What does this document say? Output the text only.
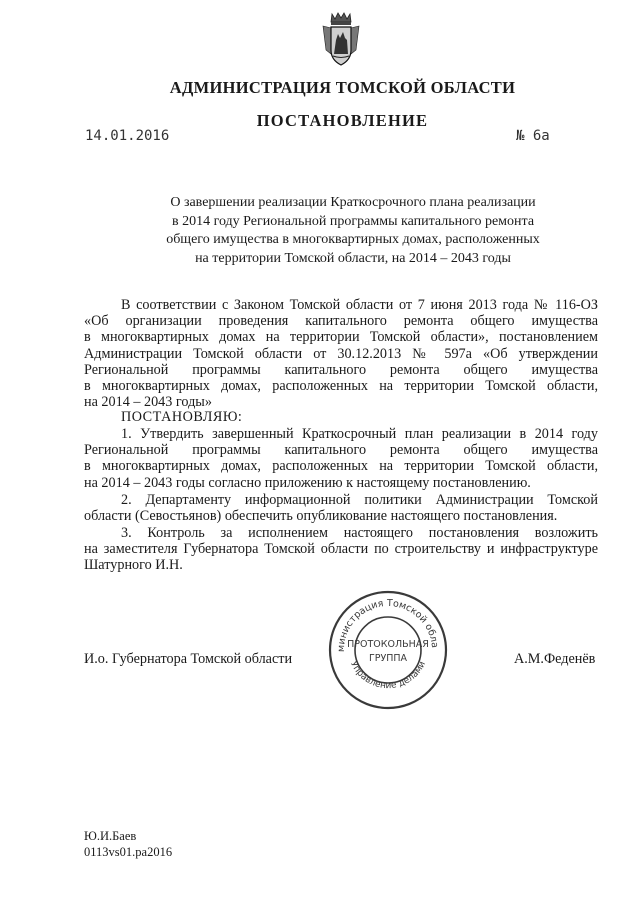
АДМИНИСТРАЦИЯ ТОМСКОЙ ОБЛАСТИ
ПОСТАНОВЛЕНИЕ
14.01.2016	№ 6а
О завершении реализации Краткосрочного плана реализации
в 2014 году Региональной программы капитального ремонта
общего имущества в многоквартирных домах, расположенных
на территории Томской области, на 2014 – 2043 годы
В соответствии с Законом Томской области от 7 июня 2013 года № 116-ОЗ
«Об организации проведения капитального ремонта общего имущества
в многоквартирных домах на территории Томской области», постановлением
Администрации Томской области от 30.12.2013 № 597а «Об утверждении
Региональной программы капитального ремонта общего имущества
в многоквартирных домах, расположенных на территории Томской области,
на 2014 – 2043 годы»
ПОСТАНОВЛЯЮ:
1. Утвердить завершенный Краткосрочный план реализации в 2014 году
Региональной программы капитального ремонта общего имущества
в многоквартирных домах, расположенных на территории Томской области,
на 2014 – 2043 годы согласно приложению к настоящему постановлению.
2. Департаменту информационной политики Администрации Томской
области (Севостьянов) обеспечить опубликование настоящего постановления.
3. Контроль за исполнением настоящего постановления возложить
на заместителя Губернатора Томской области по строительству и инфраструктуре
Шатурного И.Н.
И.о. Губернатора Томской области	А.М.Феденёв
министрация Томской обла
Управление делами
ПРОТОКОЛЬНАЯ
ГРУППА
Ю.И.Баев
0113vs01.pa2016
